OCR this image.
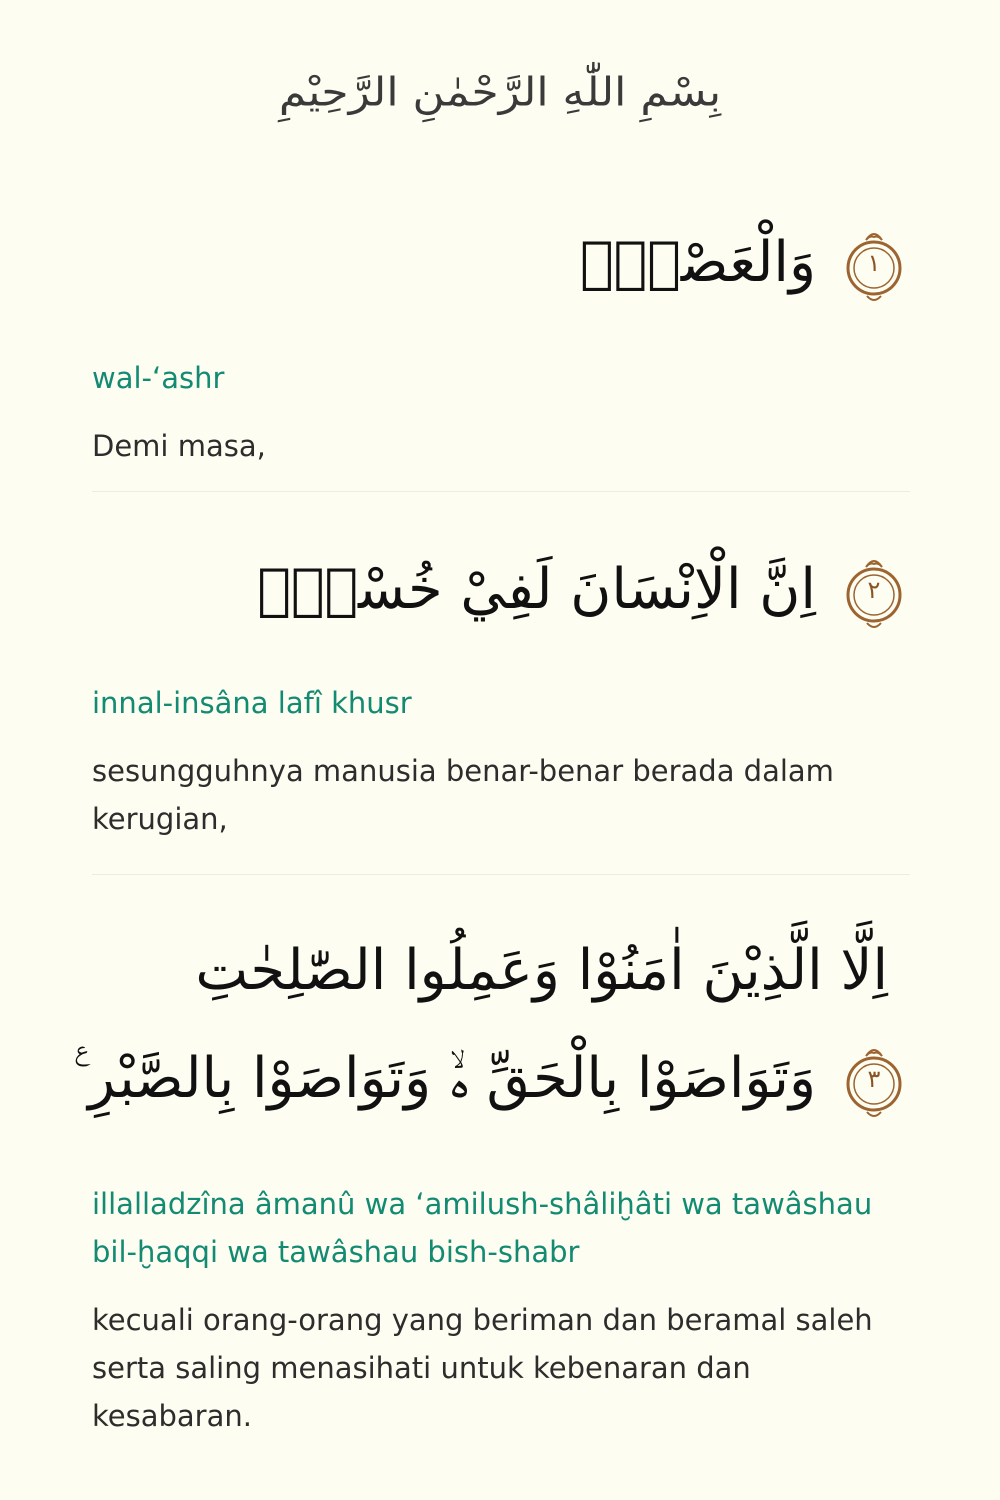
بِسْمِ اللّٰهِ الرَّحْمٰنِ الرَّحِيْمِ
وَالْعَصْرِۙ	١

wal-‘ashr

Demi masa,

اِنَّ الْاِنْسَانَ لَفِيْ خُسْرٍۙ	٢

innal-insâna lafî khusr

sesungguhnya manusia benar-benar berada dalam kerugian,

اِلَّا الَّذِيْنَ اٰمَنُوْا وَعَمِلُوا الصّٰلِحٰتِ
وَتَوَاصَوْا بِالْحَقِّ ەۙ وَتَوَاصَوْا بِالصَّبْرِ ࣖ	٣

illalladzîna âmanû wa ‘amilush-shâliḫâti wa tawâshau bil-ḫaqqi wa tawâshau bish-shabr

kecuali orang-orang yang beriman dan beramal saleh serta saling menasihati untuk kebenaran dan kesabaran.
